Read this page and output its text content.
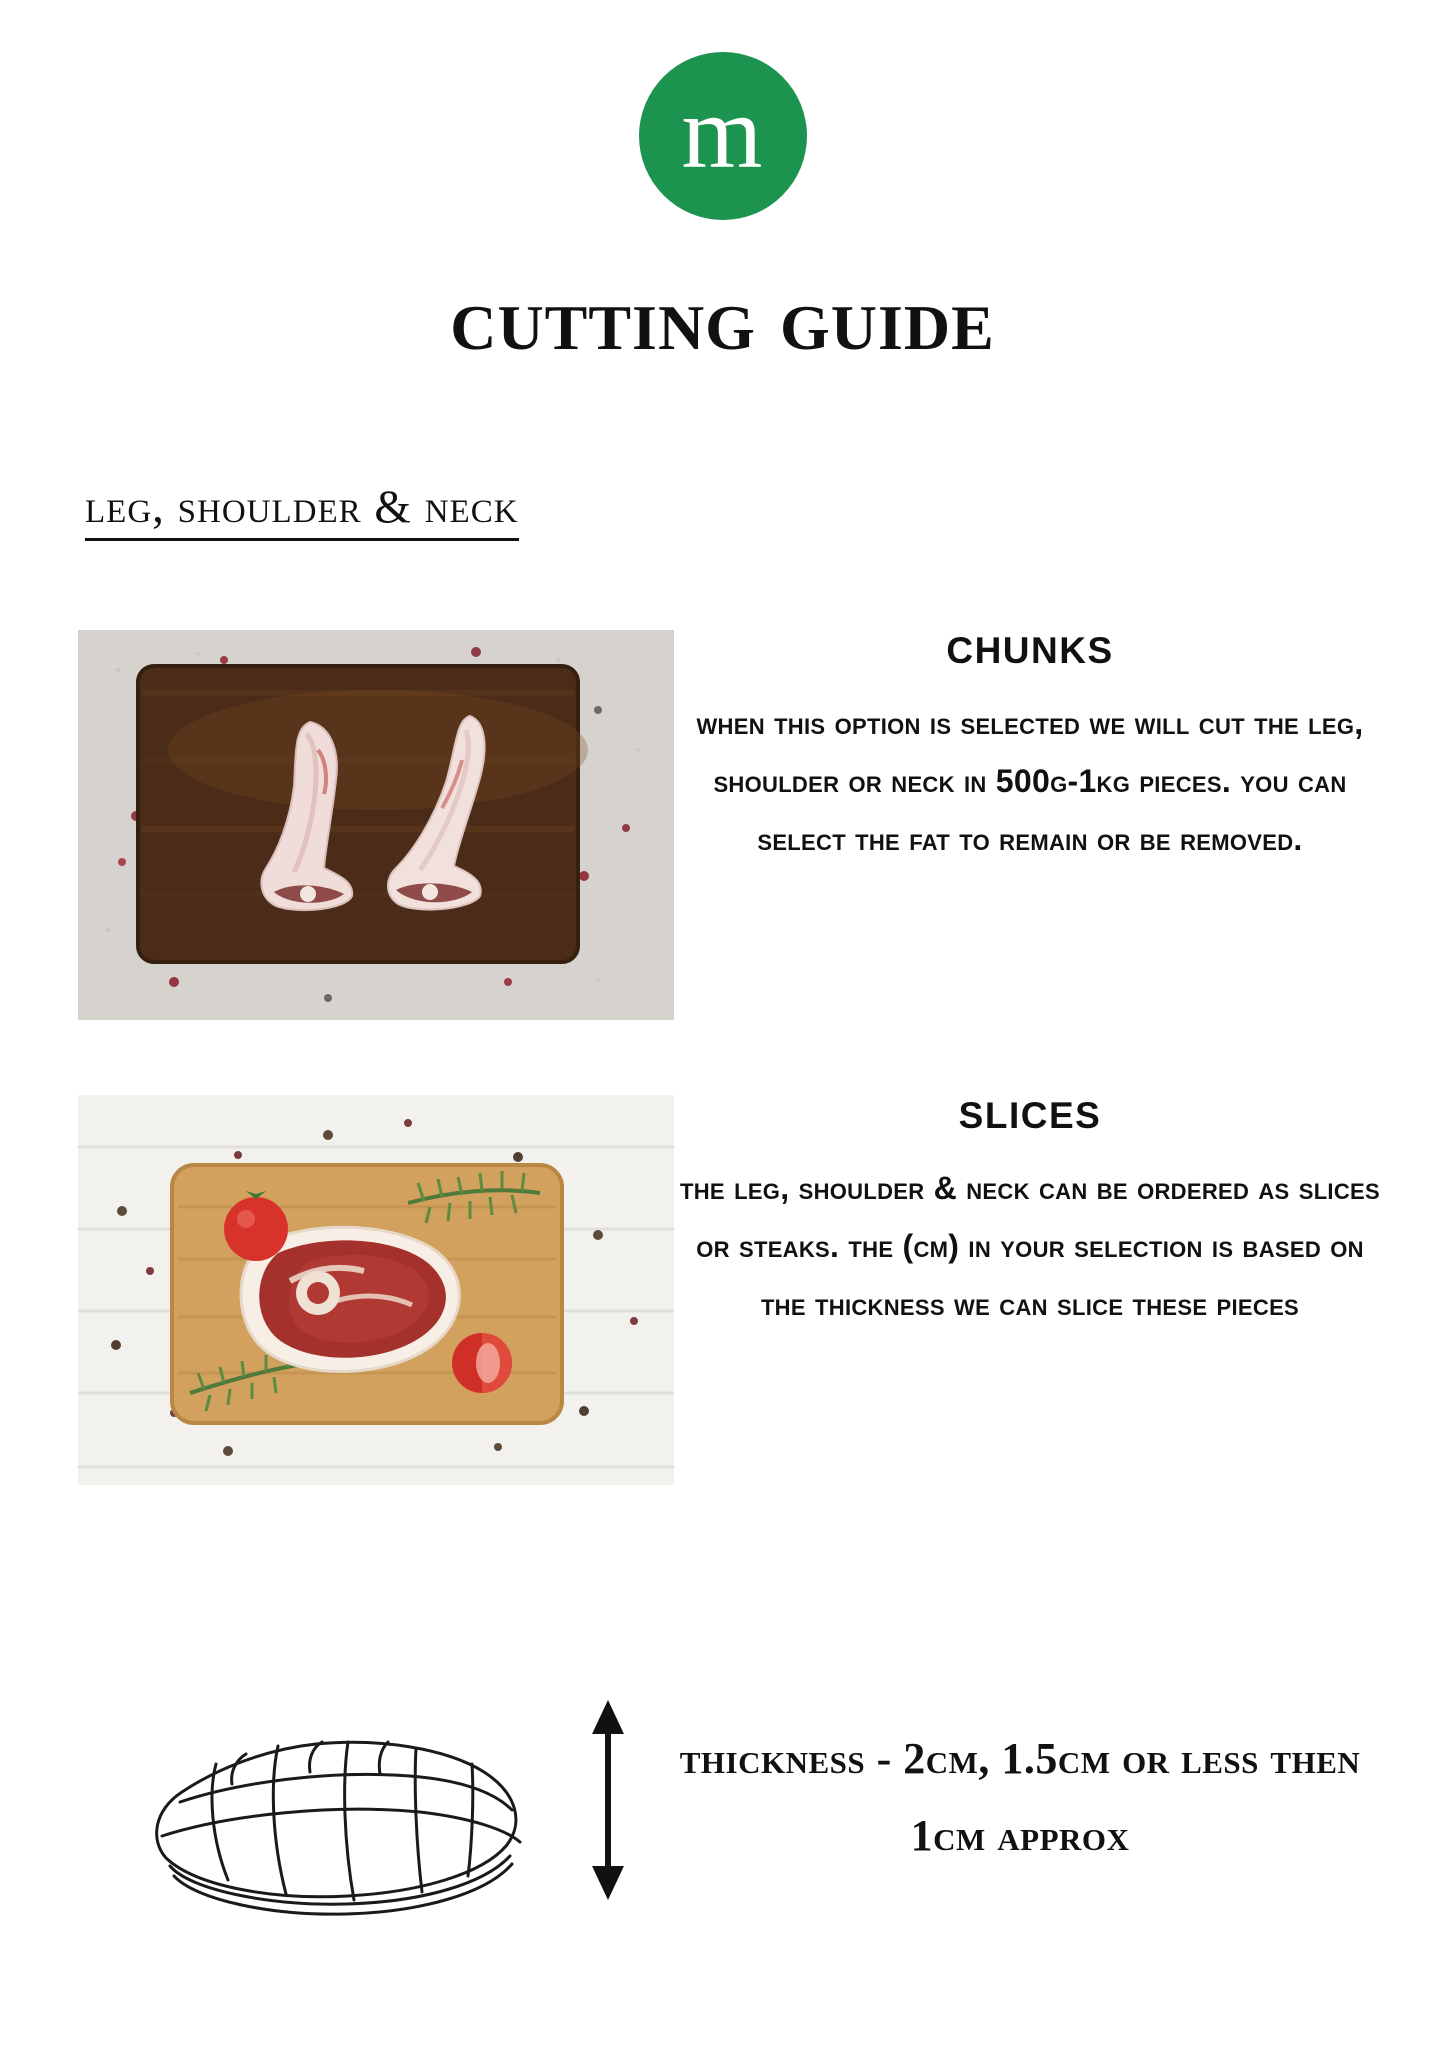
m
cutting guide
leg, shoulder & neck
CHUNKS
when this option is selected we will cut the leg, shoulder or neck in 500g-1kg pieces. you can select the fat to remain or be removed.
SLICES
the leg, shoulder & neck can be ordered as slices or steaks. the (cm) in your selection is based on the thickness we can slice these pieces
thickness - 2cm, 1.5cm or less then 1cm approx
